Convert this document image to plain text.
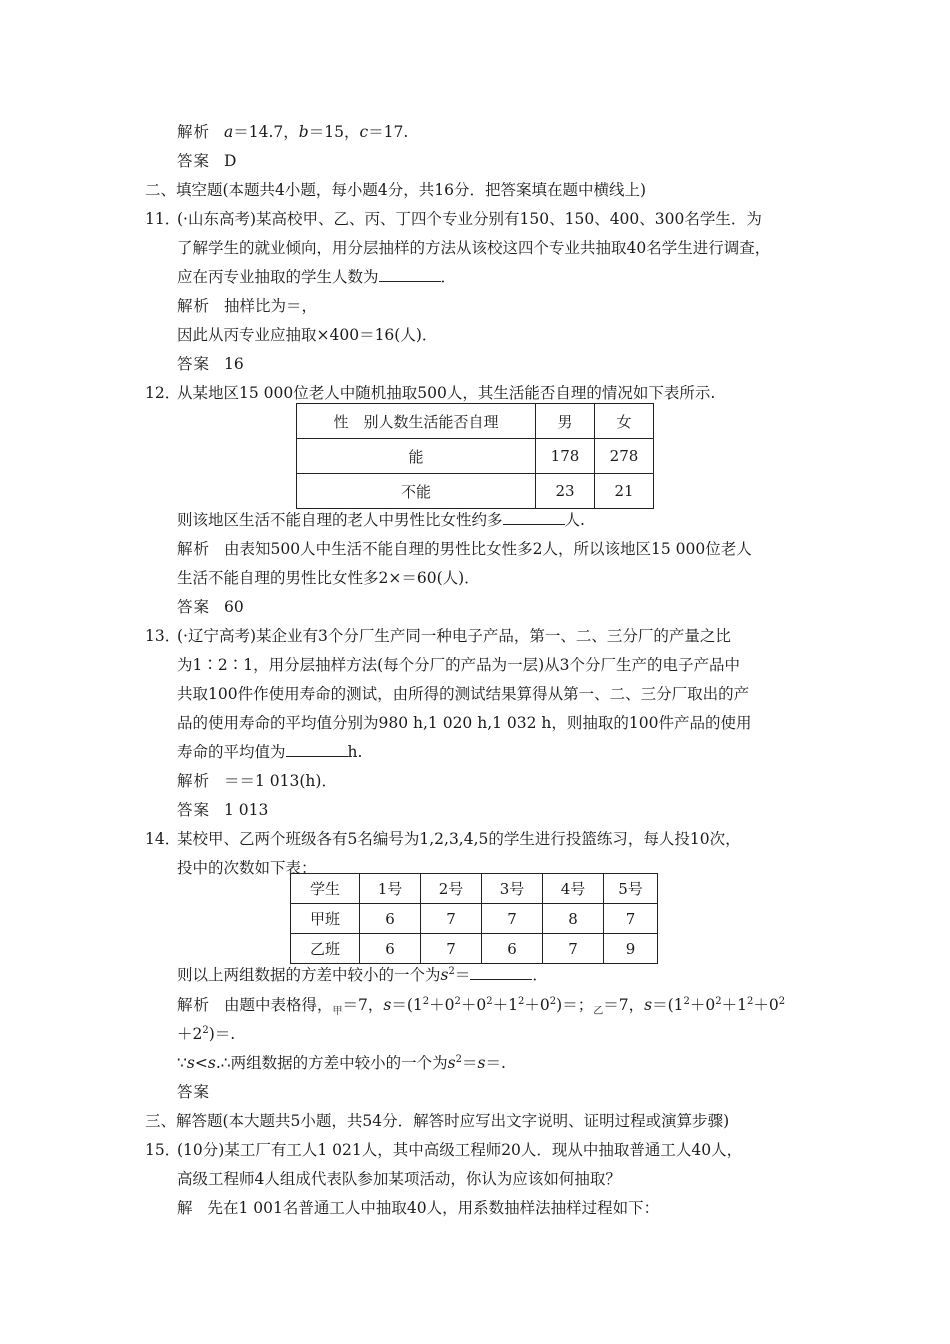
解析 a＝14.7，b＝15，c＝17.
答案 D
二、填空题(本题共4小题，每小题4分，共16分．把答案填在题中横线上)
11．
(·山东高考)某高校甲、乙、丙、丁四个专业分别有150、150、400、300名学生．为
了解学生的就业倾向，用分层抽样的方法从该校这四个专业共抽取40名学生进行调查，
应在丙专业抽取的学生人数为	．
解析 抽样比为＝，
因此从丙专业应抽取×400＝16(人)．
答案 16
12．
从某地区15 000位老人中随机抽取500人，其生活能否自理的情况如下表所示.
性　别人数生活能否自理	男	女
能	178	278
不能	23	21
则该地区生活不能自理的老人中男性比女性约多	人.
解析 由表知500人中生活不能自理的男性比女性多2人，所以该地区15 000位老人
生活不能自理的男性比女性多2×＝60(人)．
答案 60
13．
(·辽宁高考)某企业有3个分厂生产同一种电子产品，第一、二、三分厂的产量之比
为1∶2∶1，用分层抽样方法(每个分厂的产品为一层)从3个分厂生产的电子产品中
共取100件作使用寿命的测试，由所得的测试结果算得从第一、二、三分厂取出的产
品的使用寿命的平均值分别为980 h,1 020 h,1 032 h，则抽取的100件产品的使用
寿命的平均值为	h.
解析 ＝＝1 013(h)．
答案 1 013
14．
某校甲、乙两个班级各有5名编号为1,2,3,4,5的学生进行投篮练习，每人投10次，
投中的次数如下表：
学生	1号	2号	3号	4号	5号
甲班	6	7	7	8	7
乙班	6	7	6	7	9
则以上两组数据的方差中较小的一个为$s^2=$	．
解析 由题中表格得，$_甲$＝7，$s=(1^2+0^2+0^2+1^2+0^2)=$；$_乙$＝7，$s=(1^2+0^2+1^2+0^2$
$+2^2)=$.
∵s<s.∴两组数据的方差中较小的一个为$s^2=s=$.
答案
三、解答题(本大题共5小题，共54分．解答时应写出文字说明、证明过程或演算步骤)
15．
(10分)某工厂有工人1 021人，其中高级工程师20人．现从中抽取普通工人40人，
高级工程师4人组成代表队参加某项活动，你认为应该如何抽取？
解 先在1 001名普通工人中抽取40人，用系数抽样法抽样过程如下：
